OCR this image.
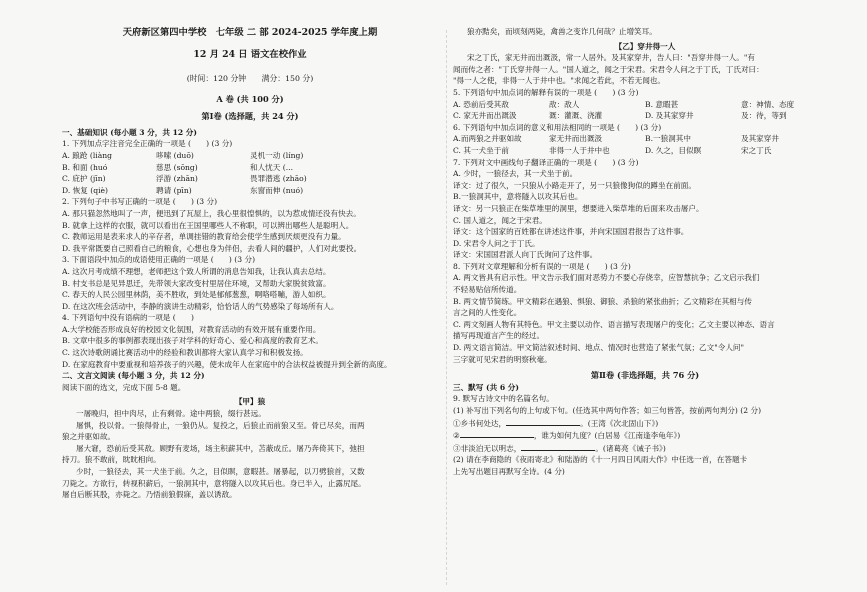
天府新区第四中学校　七年级 二 部 2024-2025 学年度上期
12 月 24 日 语文在校作业
(时间：120 分钟　　满分：150 分)
A 卷 (共 100 分)
第Ⅰ卷 (选择题，共 24 分)
一、基础知识 (每小题 3 分，共 12 分)
1. 下列加点字注音完全正确的一项是 (　　) (3 分)
A. 踉跄 (liàng	哆嗦 (duō)	灵机一动 (líng)
B. 和面 (huó	慈思 (sōng)	和人忧天 (...
C. 庇护 (jīn)	浮游 (zhān)	畏罪潜逃 (zhāo)
D. 恢复 (qiè)	聘请 (pīn)	东窗而伸 (nuó)
2. 下列句子中书写正确的一项是 (　　) (3 分)
A. 那只猫忽然地叫了一声，便迅到了瓦屋上，我心里很惶惧的，以为惹成情还没有快去。
B. 就拿上这样的衣服，就可以看出在王国里哪些人不称职，可以辨出哪些人是聪明人。
C. 教师运用是表来求人的辛存者，单调挂错的教育给会使学生感到厌烦更没有力量。
D. 我平常既要自己照看自己的粮食，心想也身为伴侣，去看人间的疆护，人们对此要投。
3. 下面语段中加点的成语使用正确的一项是 (　　) (3 分)
A. 这次月考成绩不理想，老师把这个致人所谓的消息告知我，让我认真去总结。
B. 村支书总是见异思迁，先带领大家改变村里居住环境，又帮助大家脱贫致富。
C. 春天的人民公园里林荫，美不胜收，到处是郁郁葱葱，啊咯嗒嘣，游人如织。
D. 在这次班会活动中，李静的演讲生动精彩，恰恰话人的气势感染了每场所有人。
4. 下列语句中没有语病的一项是 (　　)
A.大学校能否形成良好的校园文化氛围，对教育活动的有效开展有重要作用。
B. 文章中很多的事例都表现出孩子对学科的好奇心、爱心和高度的教育艺术。
C. 这次诗歌朗诵比赛活动中的经验和教训都将大家认真学习和积极发扬。
D. 在家庭教育中要重视和培养孩子的兴趣，使未成年人在家庭中的合法权益被提升到全新的高度。
二、文言文阅读 (每小题 3 分，共 12 分)
阅读下面的选文，完成下面 5-8 题。
【甲】狼
一屠晚归，担中肉尽，止有剩骨。途中两狼，缀行甚远。
屠惧，投以骨。一狼得骨止，一狼仍从。复投之，后狼止而前狼又至。骨已尽矣，而两
狼之并驱如故。
屠大窘，恐前后受其敌。顾野有麦场，场主积薪其中，苫蔽成丘。屠乃奔倚其下，弛担
持刀。狼不敢前，眈眈相向。
少时，一狼径去，其一犬坐于前。久之，目似瞑，意暇甚。屠暴起，以刀劈狼首，又数
刀毙之。方欲行，转视积薪后，一狼洞其中，意将隧入以攻其后也。身已半入，止露尻尾。
屠自后断其股，亦毙之。乃悟前狼假寐，盖以诱敌。
狼亦黠矣，而顷刻两毙，禽兽之变诈几何哉？止增笑耳。
【乙】穿井得一人
宋之丁氏，家无井而出溉汲，常一人居外。及其家穿井，告人曰："吾穿井得一人。"有
闻而传之者："丁氏穿井得一人。"国人道之，闻之于宋君。宋君令人问之于丁氏，丁氏对曰：
"得一人之使，非得一人于井中也。"求闻之若此，不若无闻也。
5. 下列语句中加点词的解释有误的一项是 (　　) (3 分)
A. 恐前后受其敌	敌：敌人	B. 意暇甚	意：神情、态度
C. 家无井而出溉汲	溉：灌溉、浇灌	D. 及其家穿井	及：待，等到
6. 下列语句中加点词的意义和用法相同的一项是 (　　) (3 分)
A.而两狼之并驱如故	家无井而出溉汲	B.一狼洞其中	及其家穿井
C. 其一犬坐于前	非得一人于井中也	D. 久之，目似瞑	宋之丁氏
7. 下列对文中画线句子翻译正确的一项是 (　　) (3 分)
A. 少时，一狼径去，其一犬坐于前。
译文：过了很久，一只狼从小路走开了，另一只狼像狗似的蹲坐在前面。
B.一狼洞其中，意将隧入以攻其后也。
译文：另一只狼正在柴草堆里的洞里，想要进入柴草堆的后面来攻击屠户。
C. 国人道之，闻之于宋君。
译文：这个国家的百姓都在讲述这件事，并向宋国国君报告了这件事。
D. 宋君令人问之于丁氏。
译文：宋国国君派人向丁氏询问了这件事。
8. 下列对文章理解和分析有误的一项是 (　　) (3 分)
A. 两文皆具有启示性。甲文告示我们面对恶势力不要心存侥幸，应智慧抗争；乙文启示我们
不轻易贴信所传道。
B. 两文情节简练。甲文精彩在遇狼、惧狼、御狼、杀狼的紧张曲折；乙文精彩在其相与传
言之间的人性变化。
C. 两文刻画人物有其特色。甲文主要以动作、语言描写表现屠户的变化；乙文主要以神态、语言
描写再现道言产生的经过。
D. 两文语言简洁。甲文简洁叙述时间、地点、情况时也营造了紧张气氛；乙文"令人问"
三字就可见宋君的明察秋毫。
第Ⅱ卷 (非选择题，共 76 分)
三、默写 (共 6 分)
9. 默写古诗文中的名篇名句。
(1) 补写出下列名句的上句或下句。(任选其中两句作答；如三句皆答，按前两句判分) (2 分)
①乡书何处达，	。(王湾《次北固山下》)
②	，谁为如何九度？(白居易《江南逢李龟年》)
③非淡泊无以明志，	。(诸葛亮《诫子书》)
(2) 请在李商隐的《夜雨寄北》和陆游的《十一月四日风雨大作》中任选一首，在答题卡
上先写出题目再默写全诗。(4 分)
